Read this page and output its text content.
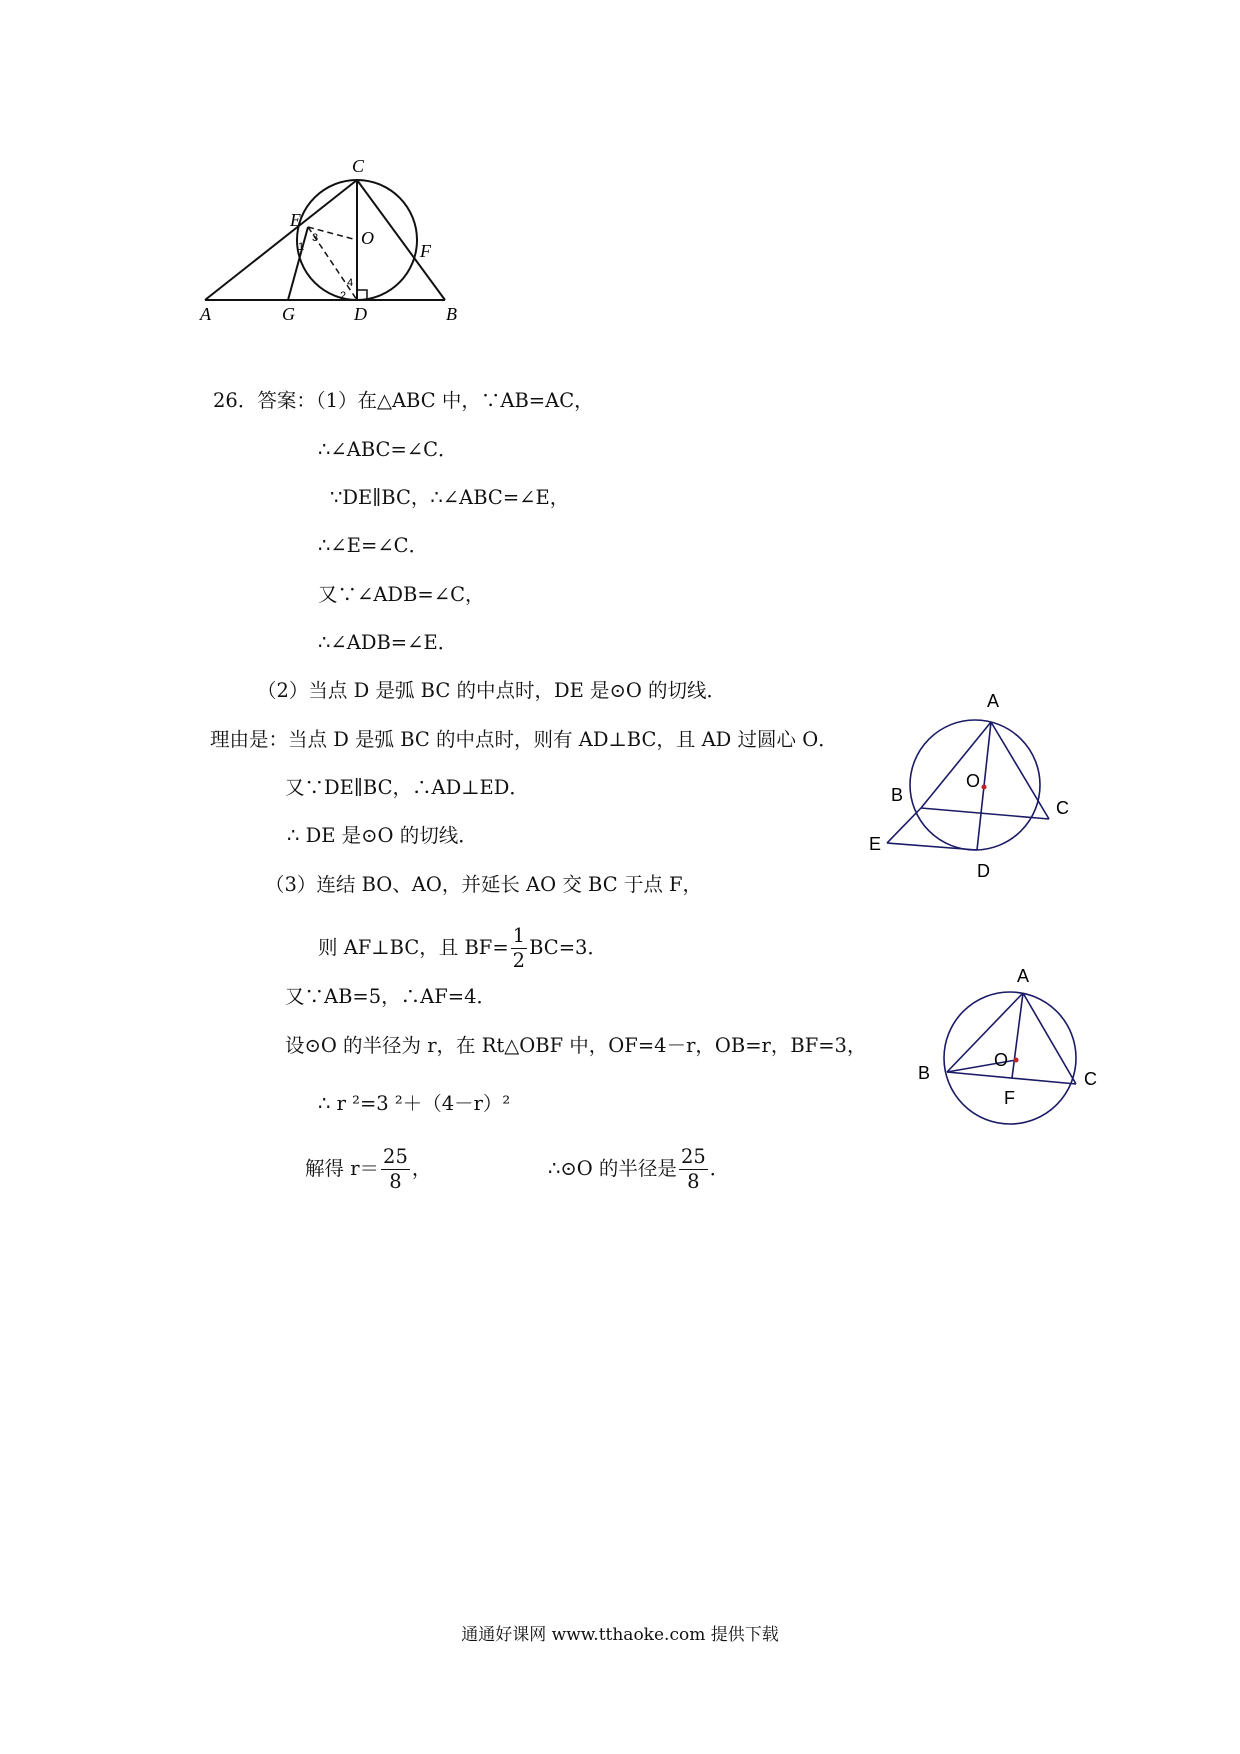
C
E
O
F
A	G	D	B
1
3
4
2
26．答案：（1）在△ABC 中，∵AB=AC，
∴∠ABC=∠C．
∵DE∥BC，∴∠ABC=∠E，
∴∠E=∠C．
又∵∠ADB=∠C，
∴∠ADB=∠E．
（2）当点 D 是弧 BC 的中点时，DE 是⊙O 的切线．
理由是：当点 D 是弧 BC 的中点时，则有 AD⊥BC，且 AD 过圆心 O．
又∵DE∥BC，∴AD⊥ED．
∴ DE 是⊙O 的切线．
（3）连结 BO、AO，并延长 AO 交 BC 于点 F，
则 AF⊥BC，且 $BF= \frac{1}{2} BC=3$．
又∵AB=5，∴AF=4．
设⊙O 的半径为 r，在 Rt△OBF 中，OF=4－r，OB=r，BF=3，
∴ r ²=3 ²＋（4－r）²
解得 $r= \frac{25}{8}$ ，	∴⊙O 的半径是 $\frac{25}{8}$ ．
A
B
O
C
E
D
A
B
O
F
C
通通好课网 www.tthaoke.com 提供下载
